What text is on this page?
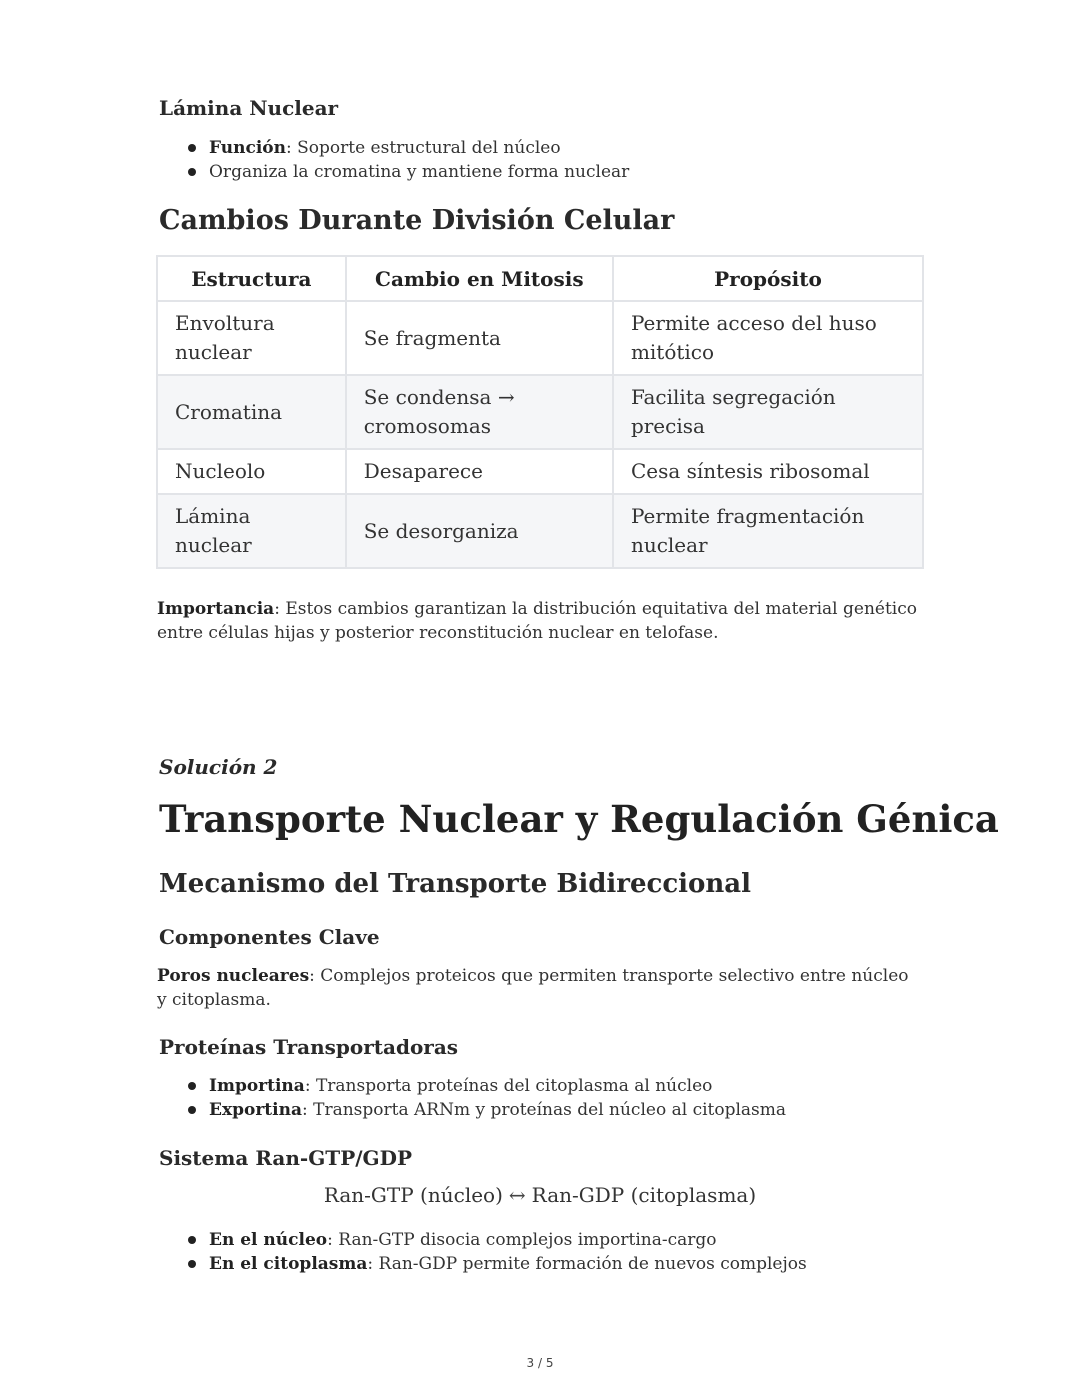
Lámina Nuclear
Función: Soporte estructural del núcleo
Organiza la cromatina y mantiene forma nuclear
Cambios Durante División Celular
Estructura	Cambio en Mitosis	Propósito
Envoltura nuclear	Se fragmenta	Permite acceso del huso mitótico
Cromatina	Se condensa → cromosomas	Facilita segregación precisa
Nucleolo	Desaparece	Cesa síntesis ribosomal
Lámina nuclear	Se desorganiza	Permite fragmentación nuclear

Importancia: Estos cambios garantizan la distribución equitativa del material genético entre células hijas y posterior reconstitución nuclear en telofase.

Solución 2
Transporte Nuclear y Regulación Génica
Mecanismo del Transporte Bidireccional
Componentes Clave

Poros nucleares: Complejos proteicos que permiten transporte selectivo entre núcleo y citoplasma.

Proteínas Transportadoras
Importina: Transporta proteínas del citoplasma al núcleo
Exportina: Transporta ARNm y proteínas del núcleo al citoplasma
Sistema Ran-GTP/GDP
Ran-GTP (núcleo) ↔ Ran-GDP (citoplasma)
En el núcleo: Ran-GTP disocia complejos importina-cargo
En el citoplasma: Ran-GDP permite formación de nuevos complejos
3 / 5
